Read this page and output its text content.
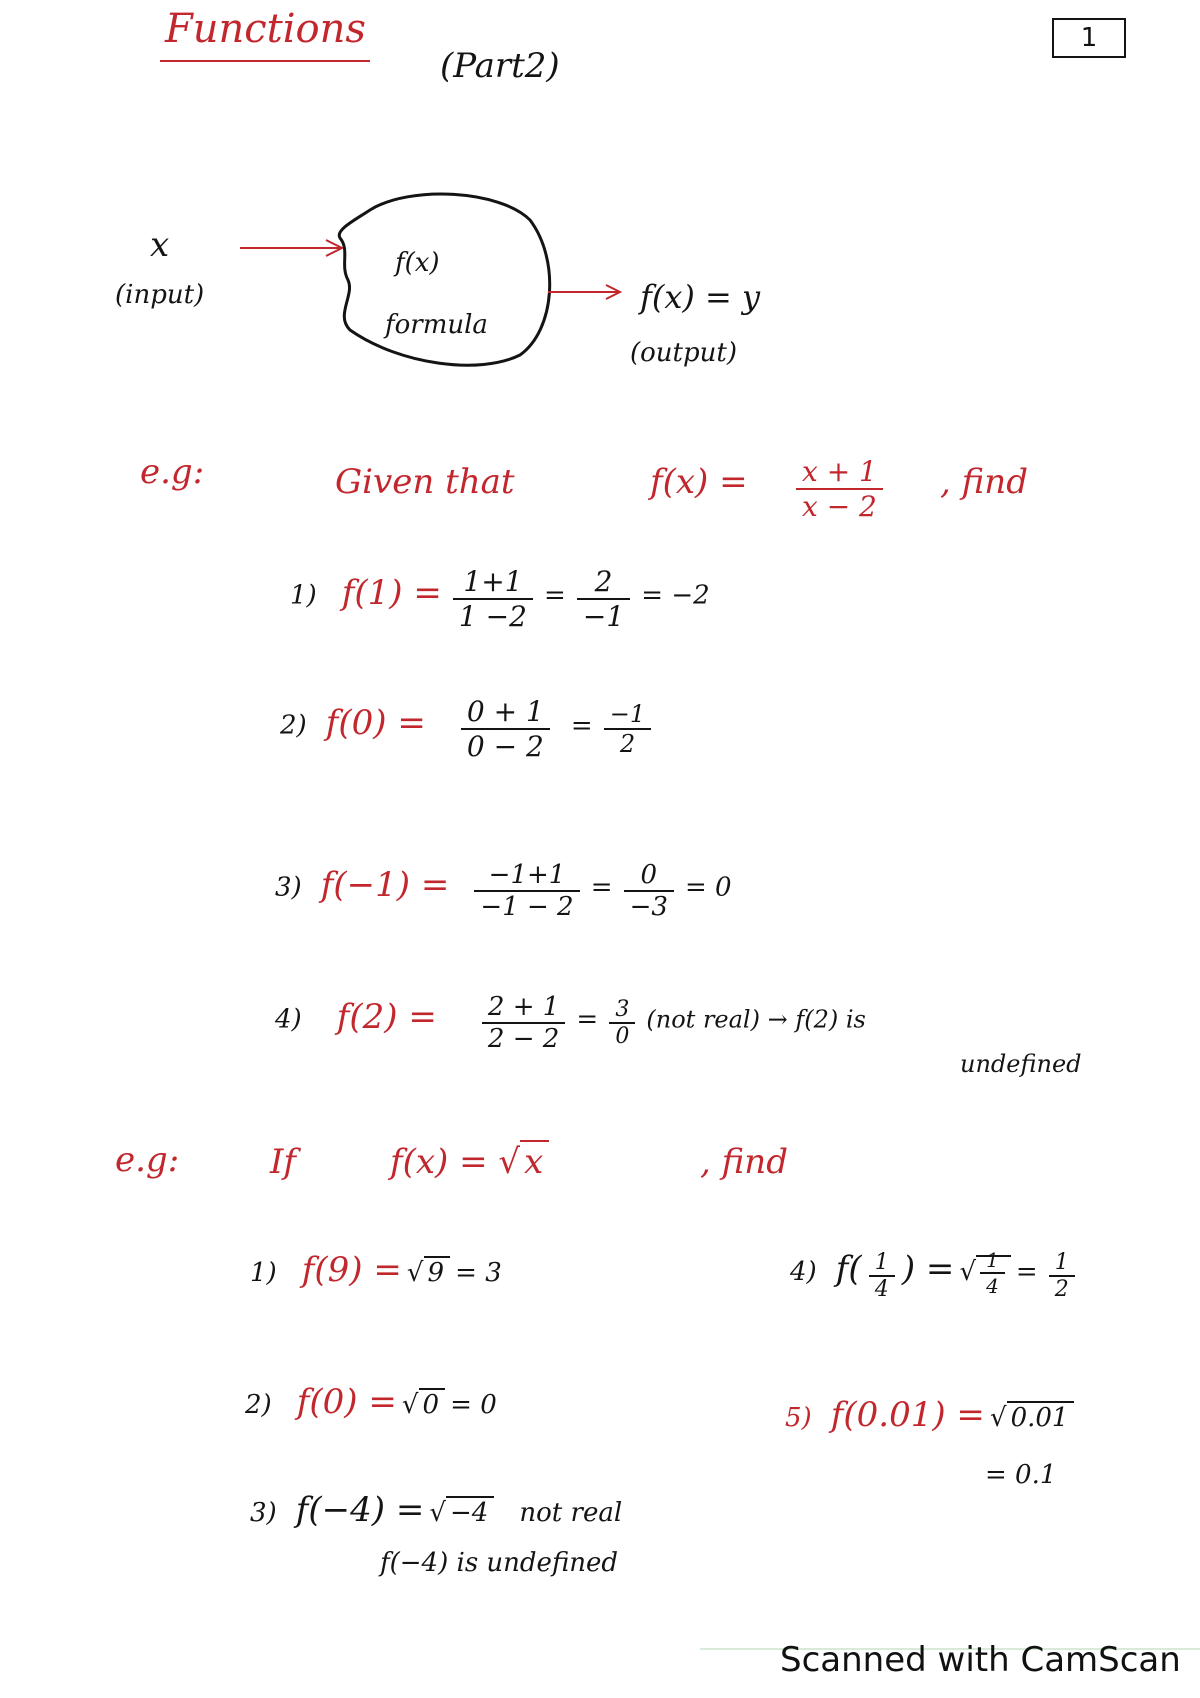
Functions
(Part2)
1
x
(input)
f(x)
formula
f(x) = y
(output)
e.g:	Given that	$f(x) = \frac{x + 1}{x - 2}$ , find
1) $f(1) = \frac{1+1}{1 -2} = \frac{2}{-1} = -2$
2) $f(0) = \frac{0 + 1}{0 - 2} = \frac{-1}{2}$
3) $f(-1) = \frac{-1+1}{-1 - 2} = \frac{0}{-3} = 0$
4) $f(2) = \frac{2 + 1}{2 - 2} = \frac{3}{0} (not$ real) → f(2) is
undefined
e.g:	If	f(x) = √ x	, find
1) f(9) = √ 9 = 3
2) f(0) = √ 0 = 0
3) f(−4) = √ −4 not real
f(−4) is undefined
4) $f( \frac{1}{4}$ ) = √ $\frac{1}{4} = \frac{1}{2}$
5) f(0.01) = √ 0.01
= 0.1
Scanned with CamScan
